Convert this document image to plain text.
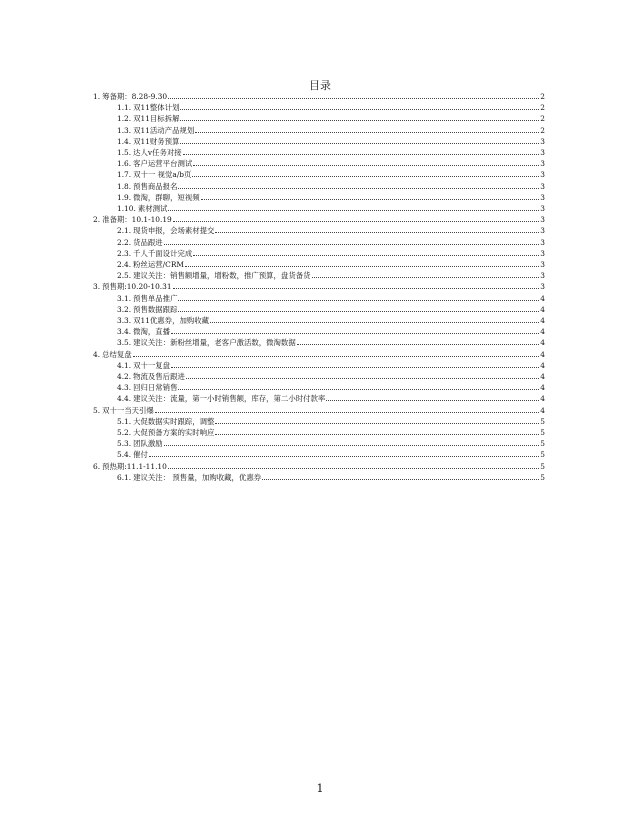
目录
1. 筹备期：8.28-9.30	2
1.1. 双11整体计划	2
1.2. 双11目标拆解	2
1.3. 双11活动产品规划	2
1.4. 双11财务预算	3
1.5. 达人v任务对接	3
1.6. 客户运营平台测试	3
1.7. 双十一 视觉a/b页	3
1.8. 预售商品报名	3
1.9. 微淘，群聊，短视频	3
1.10. 素材测试	3
2. 准备期：10.1-10.19	3
2.1. 现货申报，会场素材提交	3
2.2. 货品跟进	3
2.3. 千人千面设计完成	3
2.4. 粉丝运营/CRM	3
2.5. 建议关注：销售额增量，增粉数，推广预算，盘货备货	3
3. 预售期:10.20-10.31	3
3.1. 预售单品推广	4
3.2. 预售数据跟踪	4
3.3. 双11优惠券，加购收藏	4
3.4. 微淘，直播	4
3.5. 建议关注：新粉丝增量，老客户激活数，微淘数据	4
4. 总结复盘	4
4.1. 双十一复盘	4
4.2. 物流及售后跟进	4
4.3. 回归日常销售	4
4.4. 建议关注：流量，第一小时销售额，库存，第二小时付款率	4
5. 双十一当天引爆	4
5.1. 大促数据实时跟踪，调整	5
5.2. 大促预备方案的实时响应	5
5.3. 团队激励	5
5.4. 催付	5
6. 预热期:11.1-11.10	5
6.1. 建议关注： 预售量，加购收藏，优惠券	5
1
